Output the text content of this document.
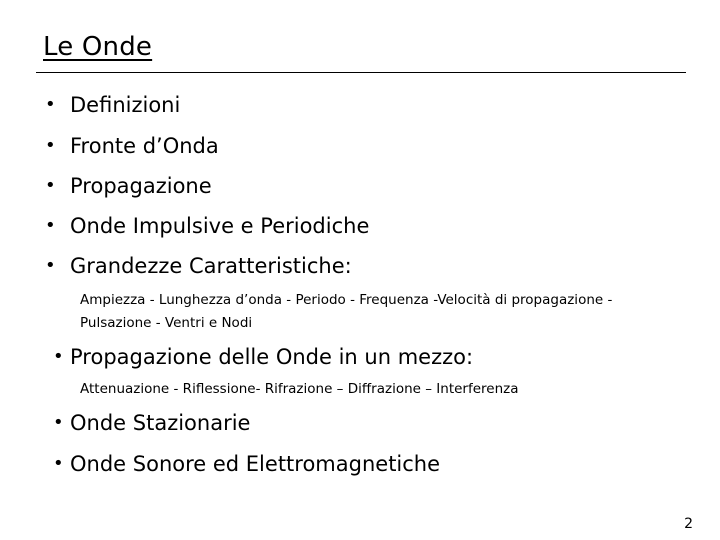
Le Onde
• Definizioni
• Fronte d’Onda
• Propagazione
• Onde Impulsive e Periodiche
• Grandezze Caratteristiche:
Ampiezza - Lunghezza d’onda - Periodo - Frequenza -Velocità di propagazione -
Pulsazione - Ventri e Nodi
• Propagazione delle Onde in un mezzo:
Attenuazione - Riflessione- Rifrazione – Diffrazione – Interferenza
• Onde Stazionarie
• Onde Sonore ed Elettromagnetiche
2
